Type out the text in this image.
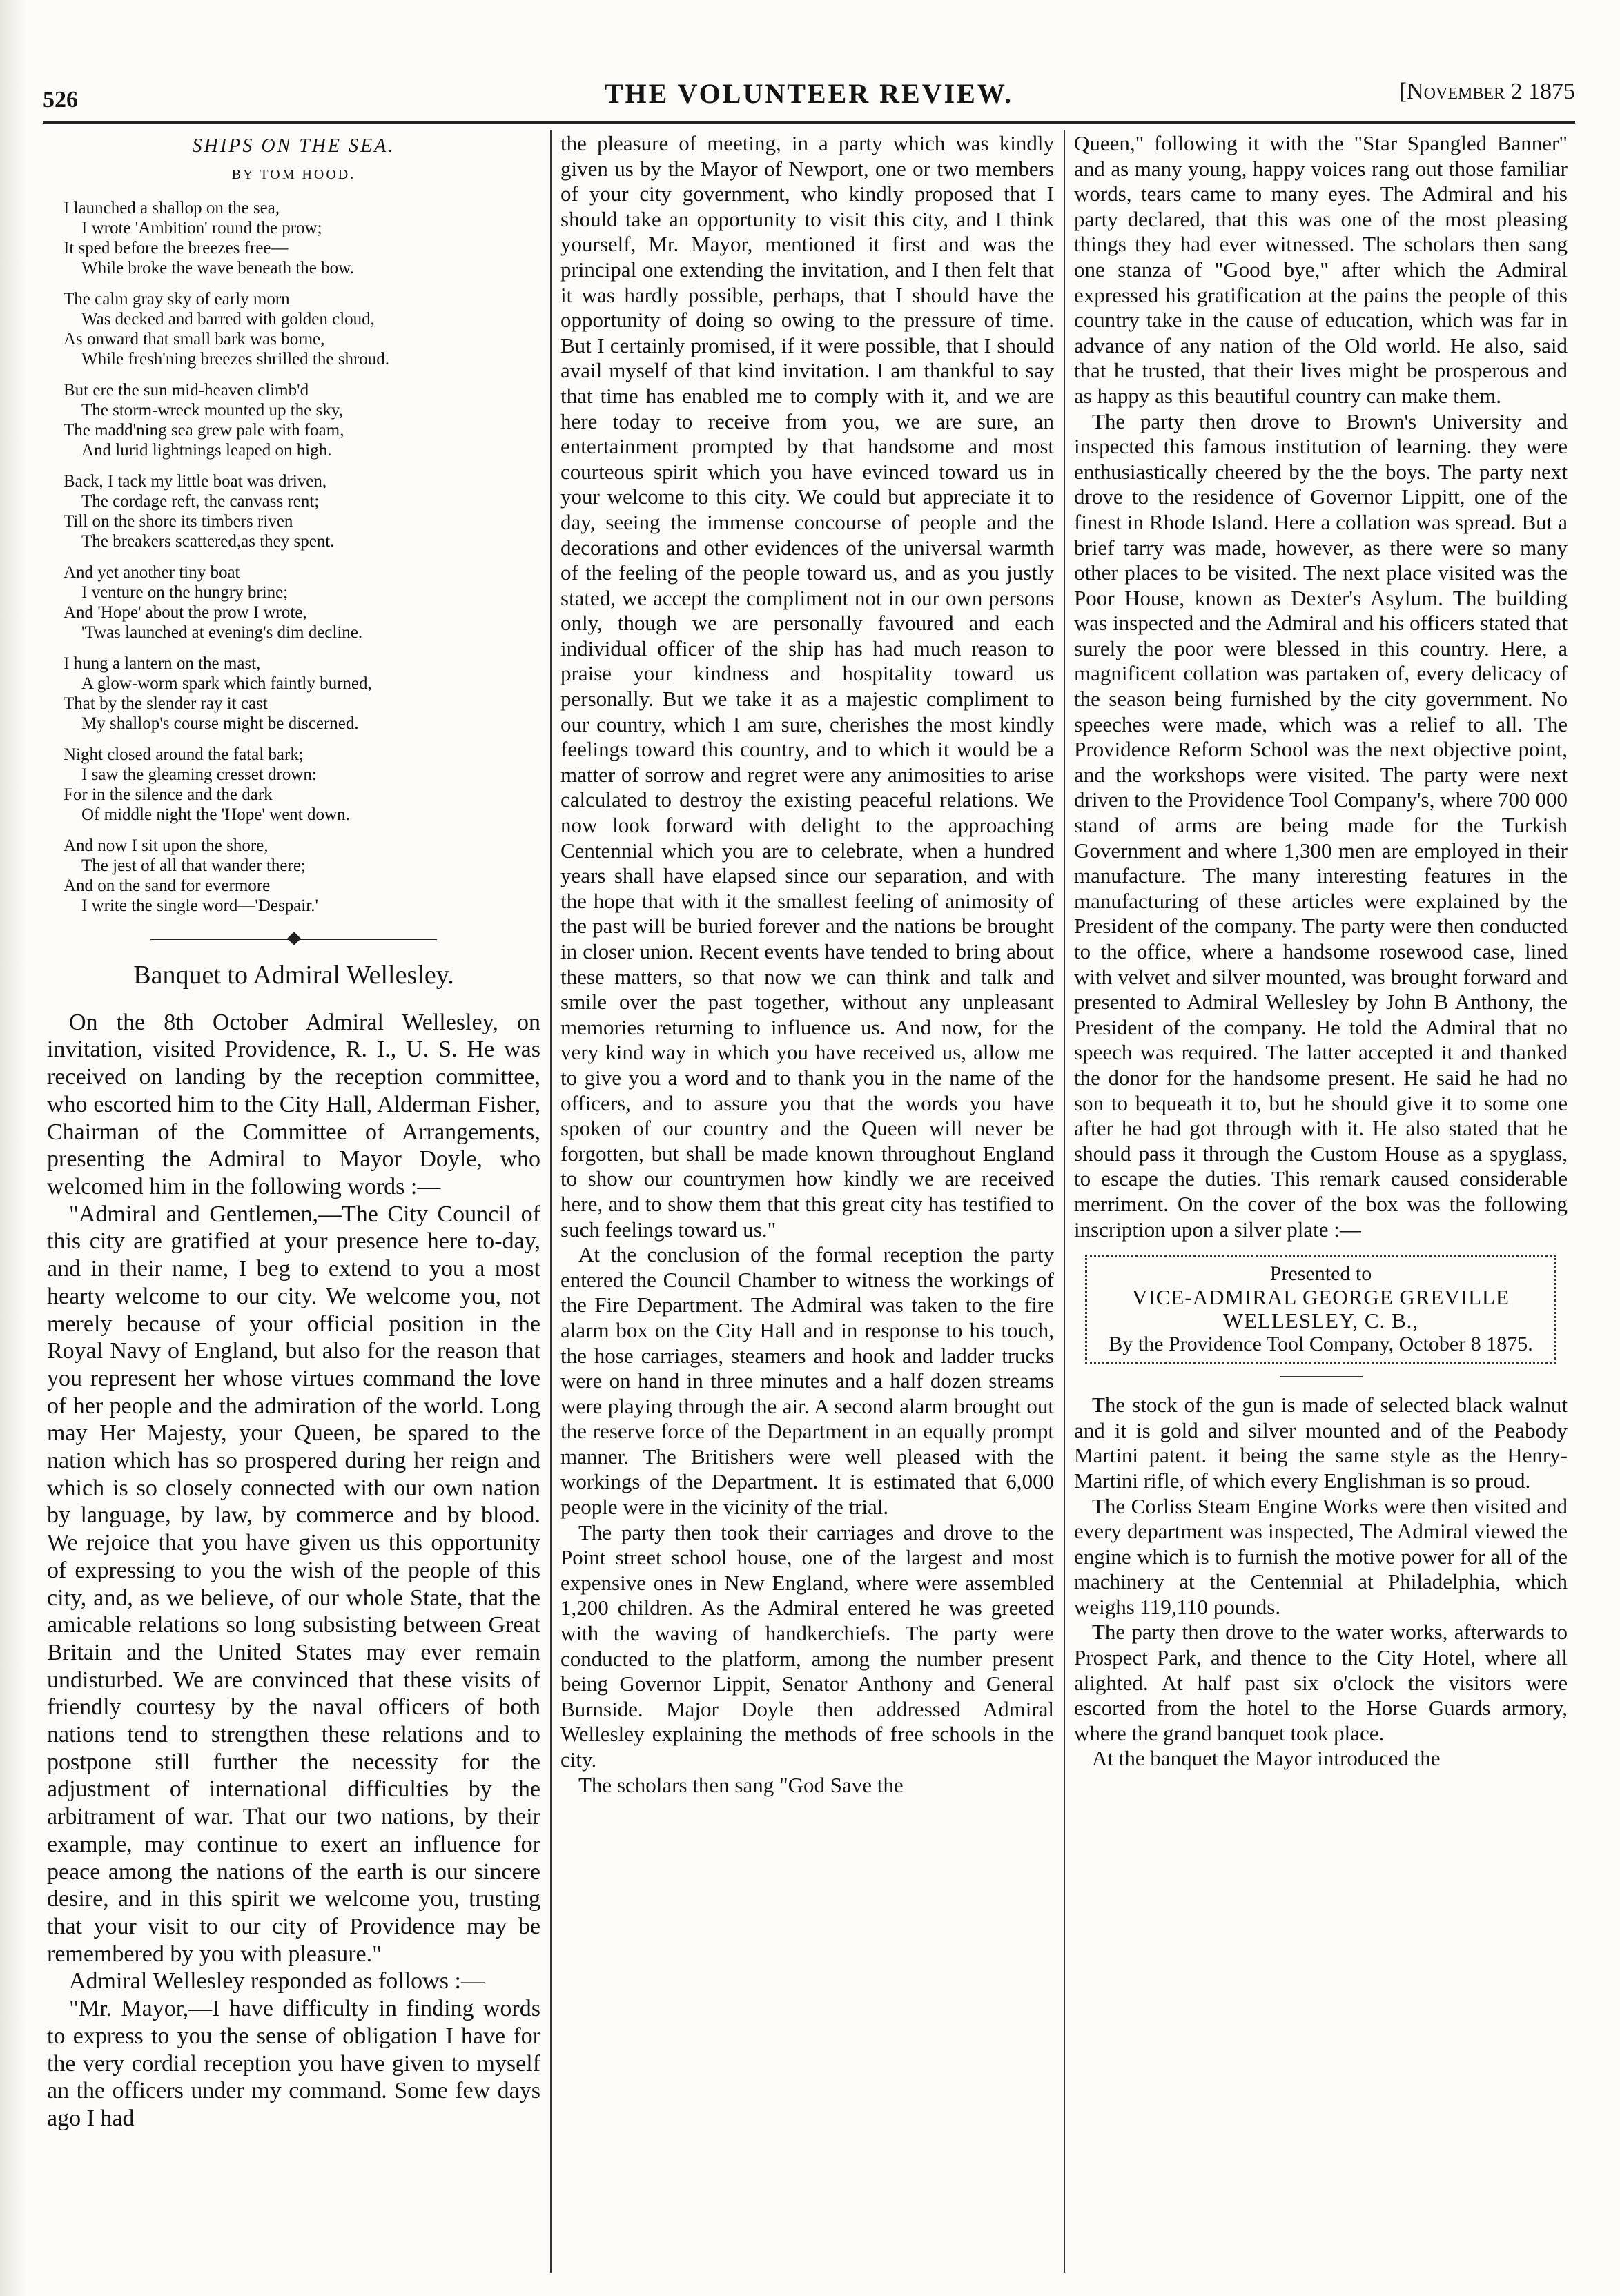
526	THE VOLUNTEER REVIEW.	[November 2 1875
SHIPS ON THE SEA.
BY TOM HOOD.
I launched a shallop on the sea,
I wrote 'Ambition' round the prow;
It sped before the breezes free—
While broke the wave beneath the bow.
The calm gray sky of early morn
Was decked and barred with golden cloud,
As onward that small bark was borne,
While fresh'ning breezes shrilled the shroud.
But ere the sun mid-heaven climb'd
The storm-wreck mounted up the sky,
The madd'ning sea grew pale with foam,
And lurid lightnings leaped on high.
Back, I tack my little boat was driven,
The cordage reft, the canvass rent;
Till on the shore its timbers riven
The breakers scattered,as they spent.
And yet another tiny boat
I venture on the hungry brine;
And 'Hope' about the prow I wrote,
'Twas launched at evening's dim decline.
I hung a lantern on the mast,
A glow-worm spark which faintly burned,
That by the slender ray it cast
My shallop's course might be discerned.
Night closed around the fatal bark;
I saw the gleaming cresset drown:
For in the silence and the dark
Of middle night the 'Hope' went down.
And now I sit upon the shore,
The jest of all that wander there;
And on the sand for evermore
I write the single word—'Despair.'
Banquet to Admiral Wellesley.

On the 8th October Admiral Wellesley, on invitation, visited Providence, R. I., U. S. He was received on landing by the reception committee, who escorted him to the City Hall, Alderman Fisher, Chairman of the Committee of Arrangements, presenting the Admiral to Mayor Doyle, who welcomed him in the following words :—

"Admiral and Gentlemen,—The City Council of this city are gratified at your presence here to-day, and in their name, I beg to extend to you a most hearty welcome to our city. We welcome you, not merely because of your official position in the Royal Navy of England, but also for the reason that you represent her whose virtues command the love of her people and the admiration of the world. Long may Her Majesty, your Queen, be spared to the nation which has so prospered during her reign and which is so closely connected with our own nation by language, by law, by commerce and by blood. We rejoice that you have given us this opportunity of expressing to you the wish of the people of this city, and, as we believe, of our whole State, that the amicable relations so long subsisting between Great Britain and the United States may ever remain undisturbed. We are convinced that these visits of friendly courtesy by the naval officers of both nations tend to strengthen these relations and to postpone still further the necessity for the adjustment of international difficulties by the arbitrament of war. That our two nations, by their example, may continue to exert an influence for peace among the nations of the earth is our sincere desire, and in this spirit we welcome you, trusting that your visit to our city of Providence may be remembered by you with pleasure."

Admiral Wellesley responded as follows :—

"Mr. Mayor,—I have difficulty in finding words to express to you the sense of obligation I have for the very cordial reception you have given to myself an the officers under my command. Some few days ago I had

the pleasure of meeting, in a party which was kindly given us by the Mayor of Newport, one or two members of your city government, who kindly proposed that I should take an opportunity to visit this city, and I think yourself, Mr. Mayor, mentioned it first and was the principal one extending the invitation, and I then felt that it was hardly possible, perhaps, that I should have the opportunity of doing so owing to the pressure of time. But I certainly promised, if it were possible, that I should avail myself of that kind invitation. I am thankful to say that time has enabled me to comply with it, and we are here today to receive from you, we are sure, an entertainment prompted by that handsome and most courteous spirit which you have evinced toward us in your welcome to this city. We could but appreciate it to day, seeing the immense concourse of people and the decorations and other evidences of the universal warmth of the feeling of the people toward us, and as you justly stated, we accept the compliment not in our own persons only, though we are personally favoured and each individual officer of the ship has had much reason to praise your kindness and hospitality toward us personally. But we take it as a majestic compliment to our country, which I am sure, cherishes the most kindly feelings toward this country, and to which it would be a matter of sorrow and regret were any animosities to arise calculated to destroy the existing peaceful relations. We now look forward with delight to the approaching Centennial which you are to celebrate, when a hundred years shall have elapsed since our separation, and with the hope that with it the smallest feeling of animosity of the past will be buried forever and the nations be brought in closer union. Recent events have tended to bring about these matters, so that now we can think and talk and smile over the past together, without any unpleasant memories returning to influence us. And now, for the very kind way in which you have received us, allow me to give you a word and to thank you in the name of the officers, and to assure you that the words you have spoken of our country and the Queen will never be forgotten, but shall be made known throughout England to show our countrymen how kindly we are received here, and to show them that this great city has testified to such feelings toward us."

At the conclusion of the formal reception the party entered the Council Chamber to witness the workings of the Fire Department. The Admiral was taken to the fire alarm box on the City Hall and in response to his touch, the hose carriages, steamers and hook and ladder trucks were on hand in three minutes and a half dozen streams were playing through the air. A second alarm brought out the reserve force of the Department in an equally prompt manner. The Britishers were well pleased with the workings of the Department. It is estimated that 6,000 people were in the vicinity of the trial.

The party then took their carriages and drove to the Point street school house, one of the largest and most expensive ones in New England, where were assembled 1,200 children. As the Admiral entered he was greeted with the waving of handkerchiefs. The party were conducted to the platform, among the number present being Governor Lippit, Senator Anthony and General Burnside. Major Doyle then addressed Admiral Wellesley explaining the methods of free schools in the city.

The scholars then sang "God Save the

Queen," following it with the "Star Spangled Banner" and as many young, happy voices rang out those familiar words, tears came to many eyes. The Admiral and his party declared, that this was one of the most pleasing things they had ever witnessed. The scholars then sang one stanza of "Good bye," after which the Admiral expressed his gratification at the pains the people of this country take in the cause of education, which was far in advance of any nation of the Old world. He also, said that he trusted, that their lives might be prosperous and as happy as this beautiful country can make them.

The party then drove to Brown's University and inspected this famous institution of learning. they were enthusiastically cheered by the the boys. The party next drove to the residence of Governor Lippitt, one of the finest in Rhode Island. Here a collation was spread. But a brief tarry was made, however, as there were so many other places to be visited. The next place visited was the Poor House, known as Dexter's Asylum. The building was inspected and the Admiral and his officers stated that surely the poor were blessed in this country. Here, a magnificent collation was partaken of, every delicacy of the season being furnished by the city government. No speeches were made, which was a relief to all. The Providence Reform School was the next objective point, and the workshops were visited. The party were next driven to the Providence Tool Company's, where 700 000 stand of arms are being made for the Turkish Government and where 1,300 men are employed in their manufacture. The many interesting features in the manufacturing of these articles were explained by the President of the company. The party were then conducted to the office, where a handsome rosewood case, lined with velvet and silver mounted, was brought forward and presented to Admiral Wellesley by John B Anthony, the President of the company. He told the Admiral that no speech was required. The latter accepted it and thanked the donor for the handsome present. He said he had no son to bequeath it to, but he should give it to some one after he had got through with it. He also stated that he should pass it through the Custom House as a spyglass, to escape the duties. This remark caused considerable merriment. On the cover of the box was the following inscription upon a silver plate :—

Presented to
VICE-ADMIRAL GEORGE GREVILLE
WELLESLEY, C. B.,
By the Providence Tool Company, October 8 1875.

The stock of the gun is made of selected black walnut and it is gold and silver mounted and of the Peabody Martini patent. it being the same style as the Henry-Martini rifle, of which every Englishman is so proud.

The Corliss Steam Engine Works were then visited and every department was inspected, The Admiral viewed the engine which is to furnish the motive power for all of the machinery at the Centennial at Philadelphia, which weighs 119,110 pounds.

The party then drove to the water works, afterwards to Prospect Park, and thence to the City Hotel, where all alighted. At half past six o'clock the visitors were escorted from the hotel to the Horse Guards armory, where the grand banquet took place.

At the banquet the Mayor introduced the
